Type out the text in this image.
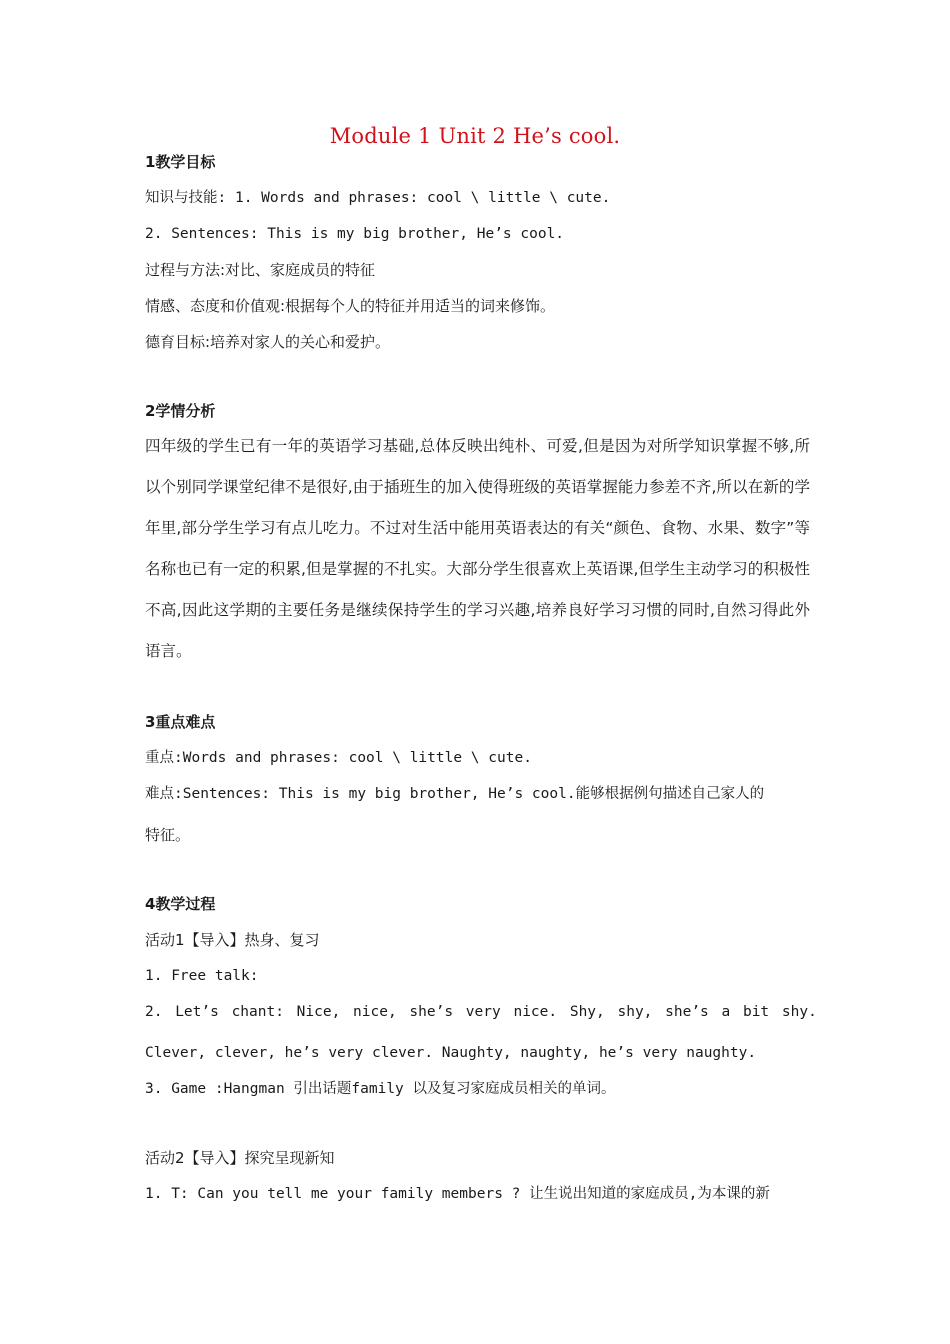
Module 1 Unit 2 He’s cool.
1教学目标
知识与技能: 1. Words and phrases: cool \ little \ cute.
2. Sentences: This is my big brother, He’s cool.
过程与方法:对比、家庭成员的特征
情感、态度和价值观:根据每个人的特征并用适当的词来修饰。
德育目标:培养对家人的关心和爱护。
2学情分析
四年级的学生已有一年的英语学习基础,总体反映出纯朴、可爱,但是因为对所学知识掌握不够,所以个别同学课堂纪律不是很好,由于插班生的加入使得班级的英语掌握能力参差不齐,所以在新的学年里,部分学生学习有点儿吃力。不过对生活中能用英语表达的有关“颜色、食物、水果、数字”等名称也已有一定的积累,但是掌握的不扎实。大部分学生很喜欢上英语课,但学生主动学习的积极性不高,因此这学期的主要任务是继续保持学生的学习兴趣,培养良好学习习惯的同时,自然习得此外语言。
3重点难点
重点:Words and phrases: cool \ little \ cute.
难点:Sentences: This is my big brother, He’s cool.能够根据例句描述自己家人的
特征。
4教学过程
活动1【导入】热身、复习
1. Free talk:
2. Let’s chant: Nice, nice, she’s very nice. Shy, shy, she’s a bit shy.
Clever, clever, he’s very clever. Naughty, naughty, he’s very naughty.
3. Game :Hangman 引出话题family 以及复习家庭成员相关的单词。
活动2【导入】探究呈现新知
1. T: Can you tell me your family members ? 让生说出知道的家庭成员,为本课的新
